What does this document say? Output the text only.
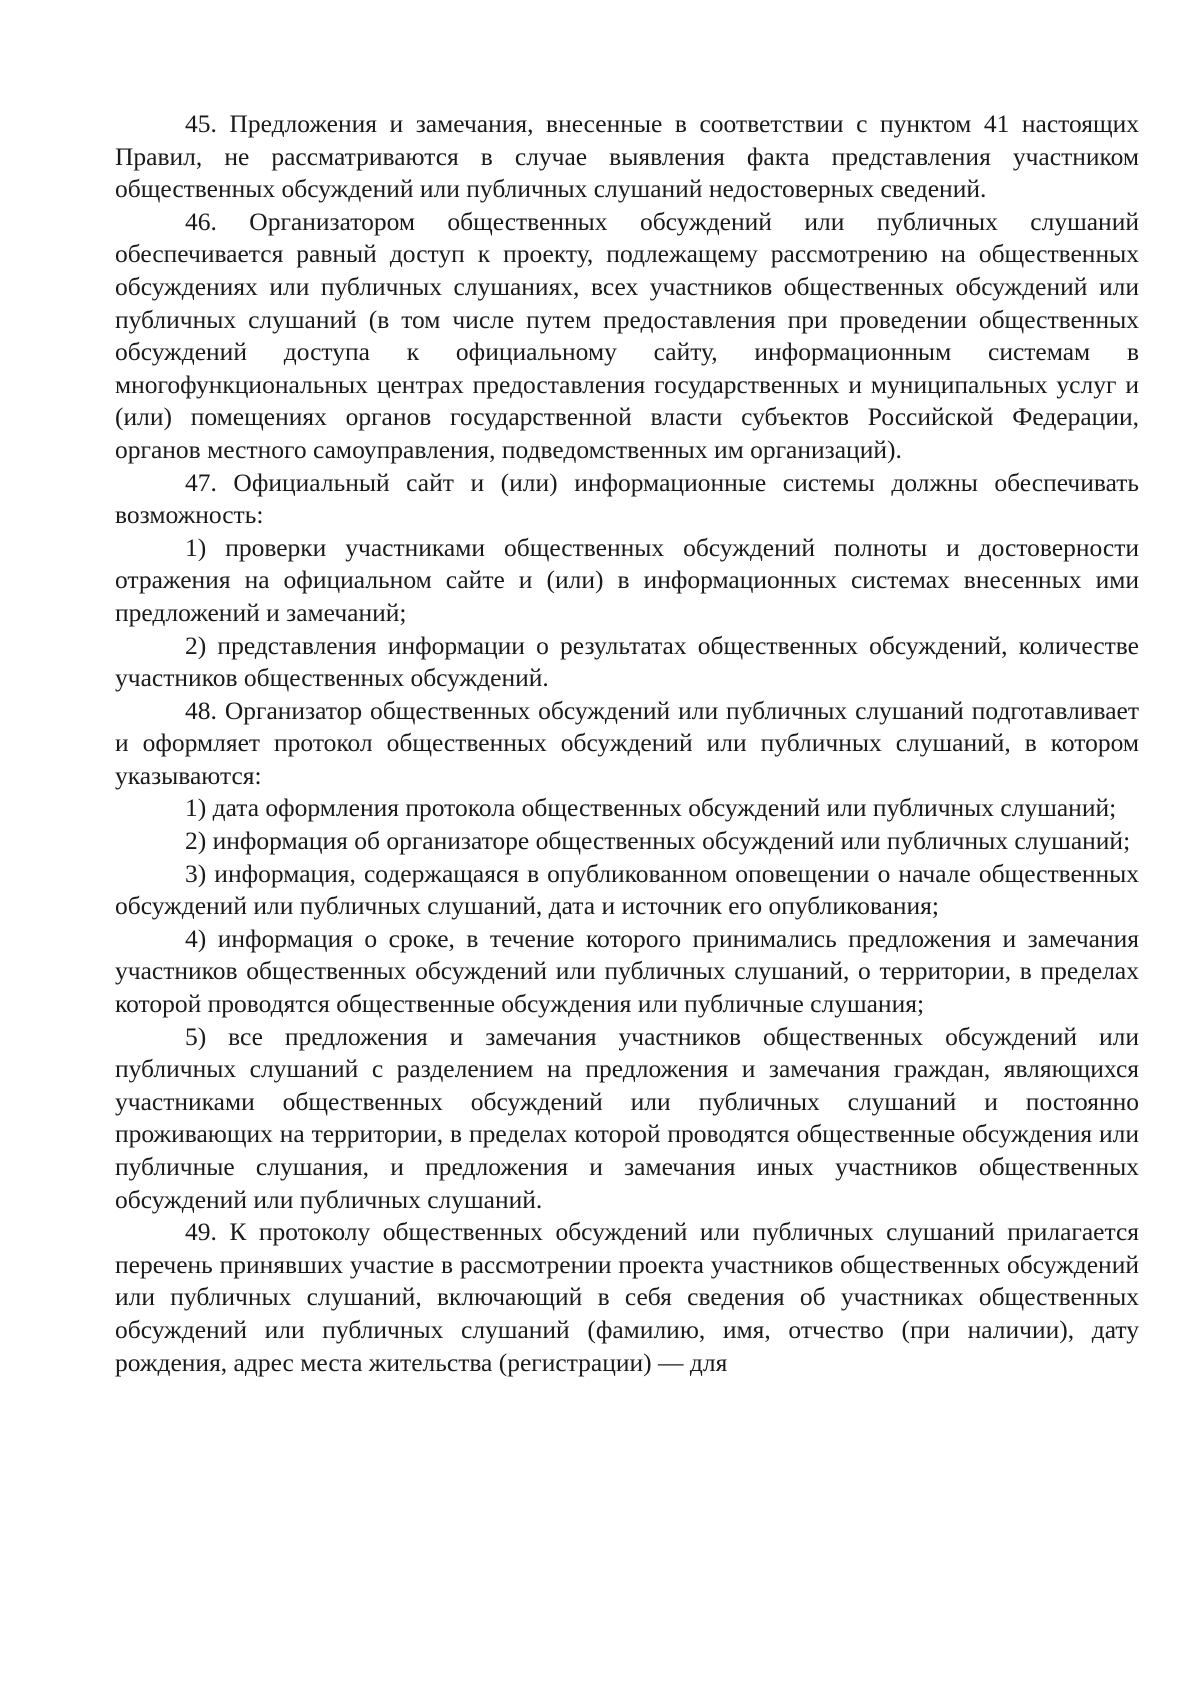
45. Предложения и замечания, внесенные в соответствии с пунктом 41 настоящих Правил, не рассматриваются в случае выявления факта представления участником общественных обсуждений или публичных слушаний недостоверных сведений.

46. Организатором общественных обсуждений или публичных слушаний обеспечивается равный доступ к проекту, подлежащему рассмотрению на общественных обсуждениях или публичных слушаниях, всех участников общественных обсуждений или публичных слушаний (в том числе путем предоставления при проведении общественных обсуждений доступа к официальному сайту, информационным системам в многофункциональных центрах предоставления государственных и муниципальных услуг и (или) помещениях органов государственной власти субъектов Российской Федерации, органов местного самоуправления, подведомственных им организаций).

47. Официальный сайт и (или) информационные системы должны обеспечивать возможность:

1) проверки участниками общественных обсуждений полноты и достоверности отражения на официальном сайте и (или) в информационных системах внесенных ими предложений и замечаний;

2) представления информации о результатах общественных обсуждений, количестве участников общественных обсуждений.

48. Организатор общественных обсуждений или публичных слушаний подготавливает и оформляет протокол общественных обсуждений или публичных слушаний, в котором указываются:

1) дата оформления протокола общественных обсуждений или публичных слушаний;

2) информация об организаторе общественных обсуждений или публичных слушаний;

3) информация, содержащаяся в опубликованном оповещении о начале общественных обсуждений или публичных слушаний, дата и источник его опубликования;

4) информация о сроке, в течение которого принимались предложения и замечания участников общественных обсуждений или публичных слушаний, о территории, в пределах которой проводятся общественные обсуждения или публичные слушания;

5) все предложения и замечания участников общественных обсуждений или публичных слушаний с разделением на предложения и замечания граждан, являющихся участниками общественных обсуждений или публичных слушаний и постоянно проживающих на территории, в пределах которой проводятся общественные обсуждения или публичные слушания, и предложения и замечания иных участников общественных обсуждений или публичных слушаний.

49. К протоколу общественных обсуждений или публичных слушаний прилагается перечень принявших участие в рассмотрении проекта участников общественных обсуждений или публичных слушаний, включающий в себя сведения об участниках общественных обсуждений или публичных слушаний (фамилию, имя, отчество (при наличии), дату рождения, адрес места жительства (регистрации) — для
